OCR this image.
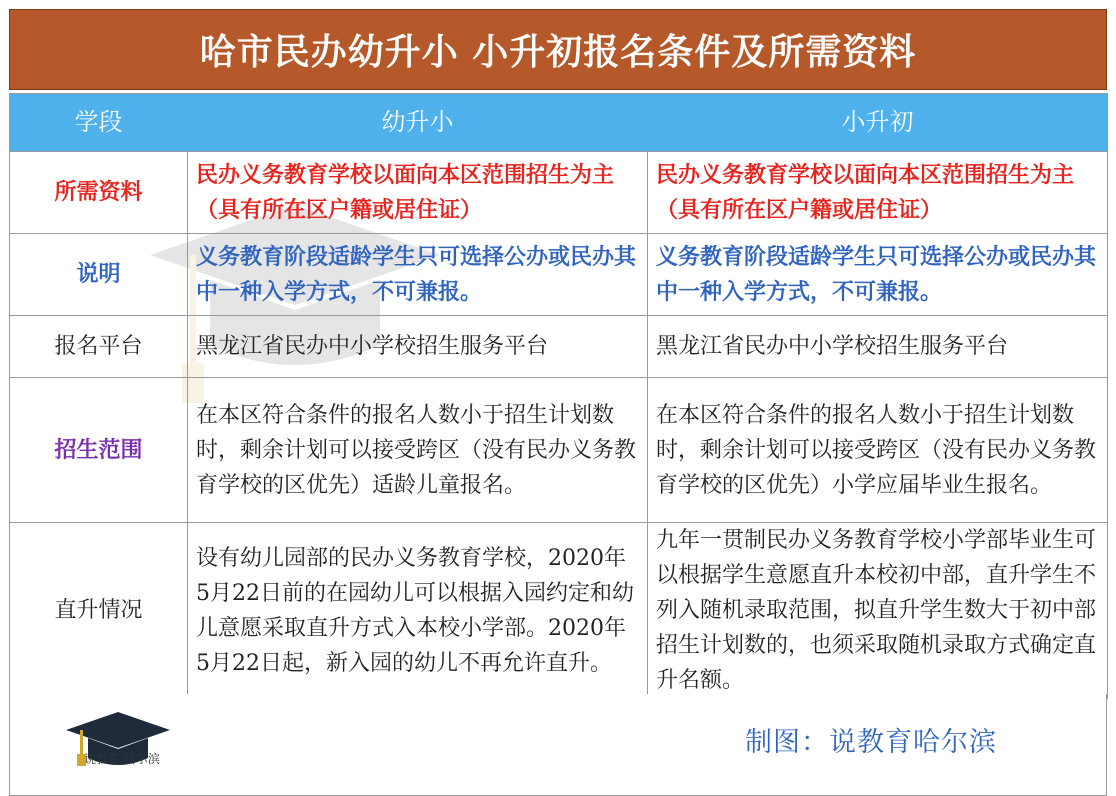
哈市民办幼升小 小升初报名条件及所需资料
学段	幼升小	小升初
所需资料	民办义务教育学校以面向本区范围招生为主（具有所在区户籍或居住证）	民办义务教育学校以面向本区范围招生为主（具有所在区户籍或居住证）
说明	义务教育阶段适龄学生只可选择公办或民办其中一种入学方式，不可兼报。	义务教育阶段适龄学生只可选择公办或民办其中一种入学方式，不可兼报。
报名平台	黑龙江省民办中小学校招生服务平台	黑龙江省民办中小学校招生服务平台
招生范围	在本区符合条件的报名人数小于招生计划数时，剩余计划可以接受跨区（没有民办义务教育学校的区优先）适龄儿童报名。	在本区符合条件的报名人数小于招生计划数时，剩余计划可以接受跨区（没有民办义务教育学校的区优先）小学应届毕业生报名。
直升情况	设有幼儿园部的民办义务教育学校，2020年5月22日前的在园幼儿可以根据入园约定和幼儿意愿采取直升方式入本校小学部。2020年5月22日起，新入园的幼儿不再允许直升。	九年一贯制民办义务教育学校小学部毕业生可以根据学生意愿直升本校初中部，直升学生不列入随机录取范围，拟直升学生数大于初中部招生计划数的，也须采取随机录取方式确定直升名额。
说教育·哈尔滨
制图：说教育哈尔滨
